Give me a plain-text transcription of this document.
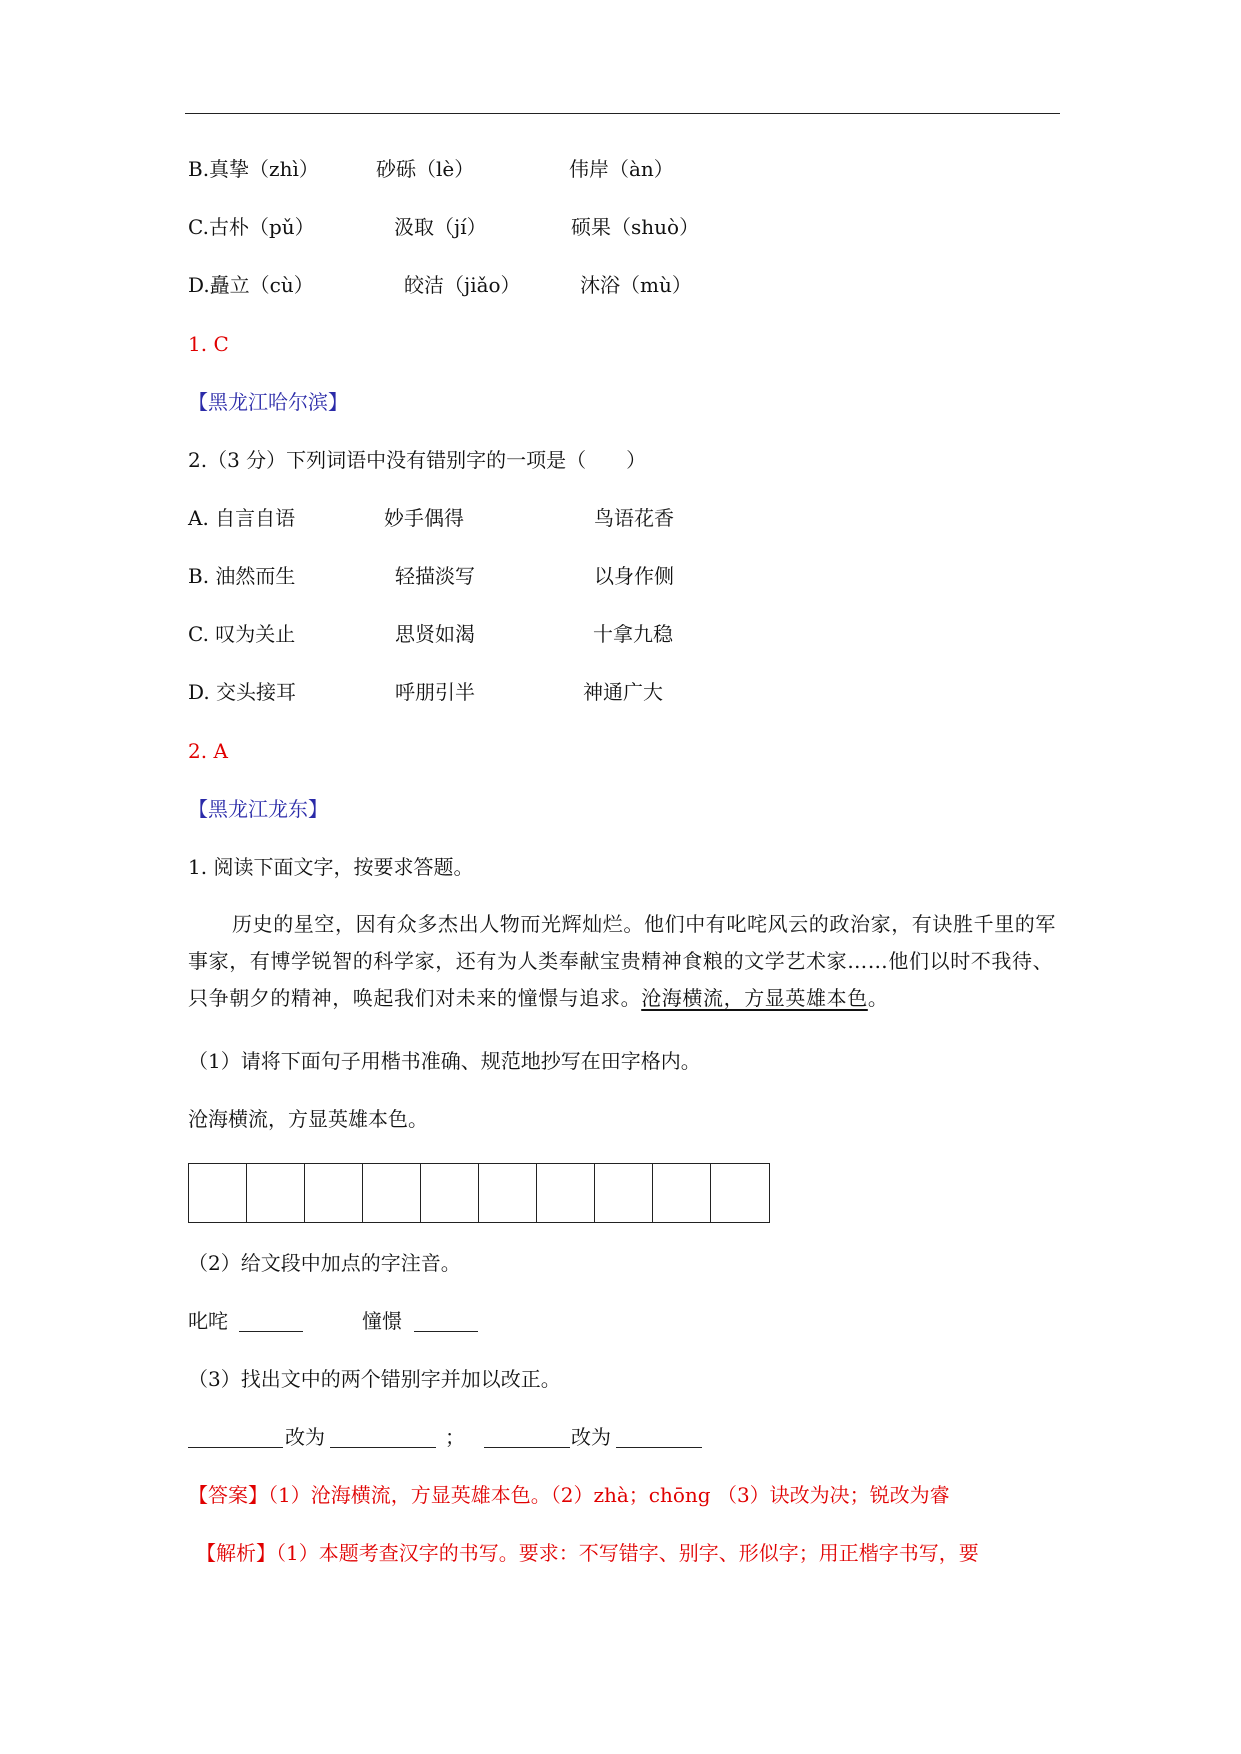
B.真挚（zhì）	砂砾（lè）	伟岸（àn）
C.古朴（pǔ）	汲取（jí）	硕果（shuò）
D.矗立（cù）	皎洁（jiǎo）	沐浴（mù）
1. C
【黑龙江哈尔滨】
2.（3 分）下列词语中没有错别字的一项是（　　）
A. 自言自语	妙手偶得	鸟语花香
B. 油然而生	轻描淡写	以身作侧
C. 叹为关止	思贤如渴	十拿九稳
D. 交头接耳	呼朋引半	神通广大
2. A
【黑龙江龙东】
1. 阅读下面文字，按要求答题。
历史的星空，因有众多杰出人物而光辉灿烂。他们中有叱咤风云的政治家，有诀胜千里的军事家，有博学锐智的科学家，还有为人类奉献宝贵精神食粮的文学艺术家……他们以时不我待、只争朝夕的精神，唤起我们对未来的憧憬与追求。沧海横流，方显英雄本色。
（1）请将下面句子用楷书准确、规范地抄写在田字格内。
沧海横流，方显英雄本色。
（2）给文段中加点的字注音。
叱咤	憧憬
（3）找出文中的两个错别字并加以改正。
改为	；	改为
【答案】（1）沧海横流，方显英雄本色。（2）zhà；chōng （3）诀改为决；锐改为睿
【解析】（1）本题考查汉字的书写。要求：不写错字、别字、形似字；用正楷字书写，要
